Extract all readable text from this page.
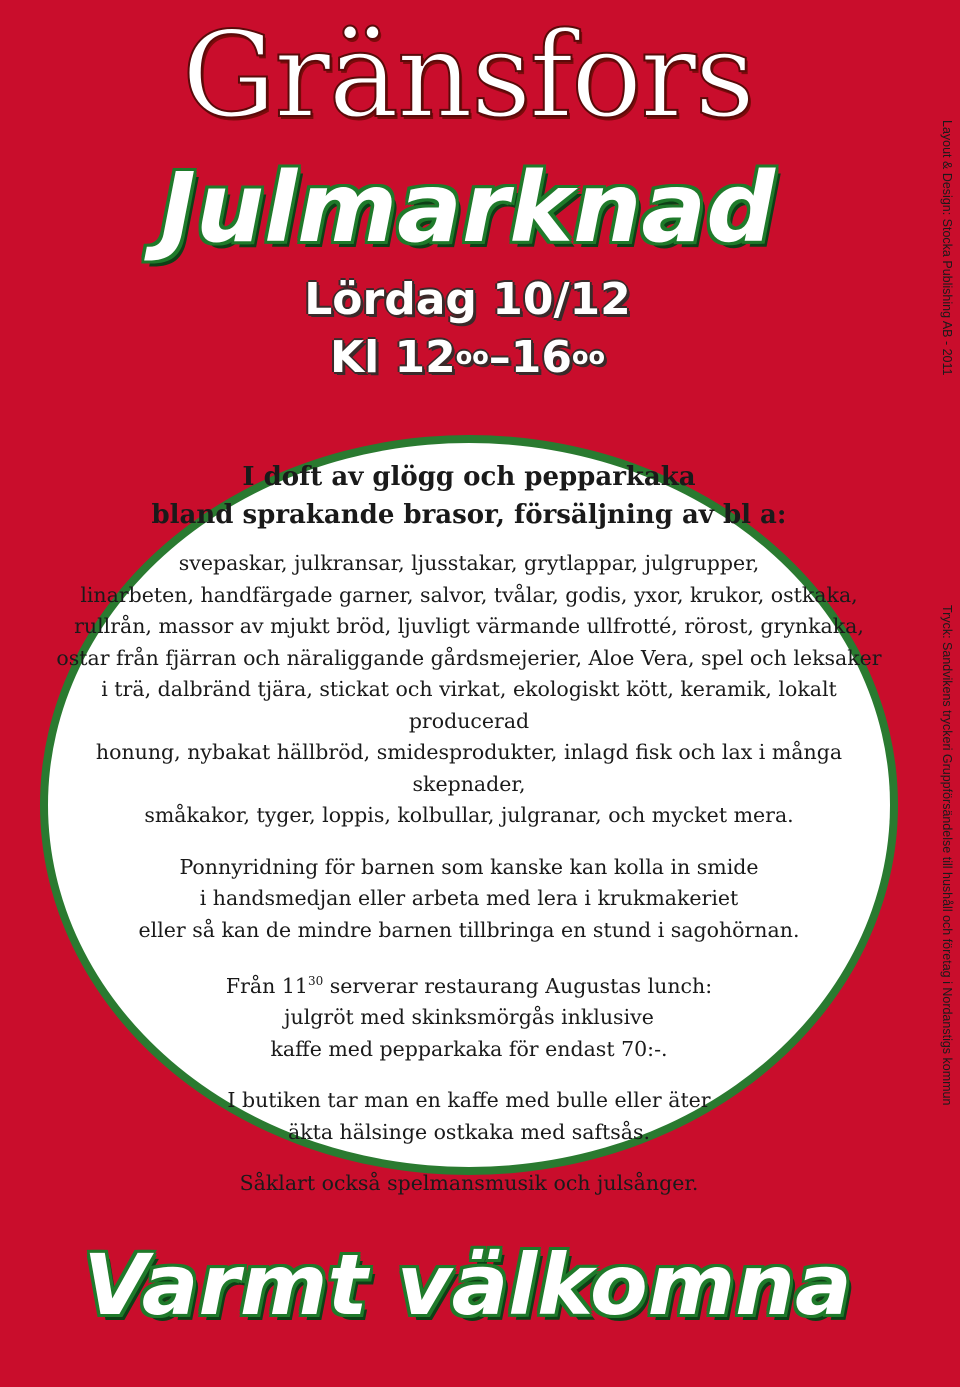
Gränsfors
Julmarknad
Lördag 10/12
Kl $12^{oo}-16^{oo}$

I doft av glögg och pepparkaka

bland sprakande brasor, försäljning av bl a:

svepaskar, julkransar, ljusstakar, grytlappar, julgrupper,

linarbeten, handfärgade garner, salvor, tvålar, godis, yxor, krukor, ostkaka,

rullrån, massor av mjukt bröd, ljuvligt värmande ullfrotté, rörost, grynkaka,

ostar från fjärran och näraliggande gårdsmejerier, Aloe Vera, spel och leksaker

i trä, dalbränd tjära, stickat och virkat, ekologiskt kött, keramik, lokalt producerad

honung, nybakat hällbröd, smidesprodukter, inlagd fisk och lax i många skepnader,

småkakor, tyger, loppis, kolbullar, julgranar, och mycket mera.

Ponnyridning för barnen som kanske kan kolla in smide

i handsmedjan eller arbeta med lera i krukmakeriet

eller så kan de mindre barnen tillbringa en stund i sagohörnan.

Från $11^{30}$ serverar restaurang Augustas lunch:

julgröt med skinksmörgås inklusive

kaffe med pepparkaka för endast 70:-.

I butiken tar man en kaffe med bulle eller äter

äkta hälsinge ostkaka med saftsås.

Såklart också spelmansmusik och julsånger.

Varmt välkomna
Layout & Design: Stocka Publishing AB - 2011
Tryck: Sandvikens tryckeri Gruppförsändelse till hushåll och företag i Nordanstigs kommun
